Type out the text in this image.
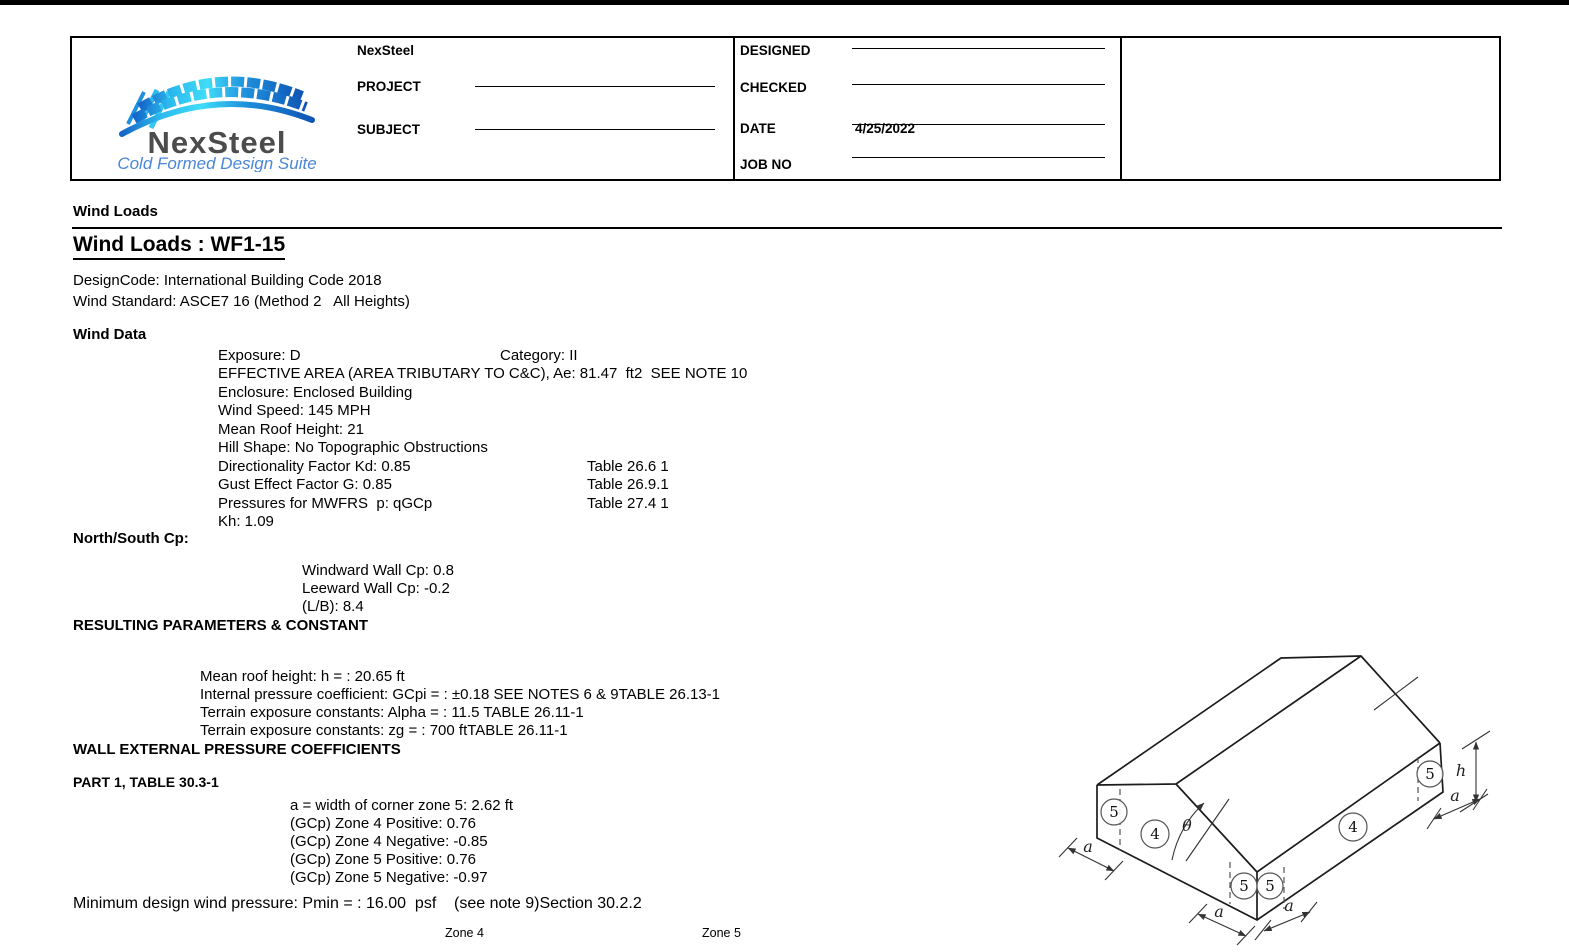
NexSteel
Cold Formed Design Suite
NexSteel
PROJECT
SUBJECT
DESIGNED
CHECKED
DATE	4/25/2022
JOB NO
Wind Loads
Wind Loads : WF1-15
DesignCode: International Building Code 2018
Wind Standard: ASCE7 16 (Method 2   All Heights)
Wind Data
Exposure: D	Category: II
EFFECTIVE AREA (AREA TRIBUTARY TO C&C), Ae: 81.47  ft2  SEE NOTE 10
Enclosure: Enclosed Building
Wind Speed: 145 MPH
Mean Roof Height: 21
Hill Shape: No Topographic Obstructions
Directionality Factor Kd: 0.85	Table 26.6 1
Gust Effect Factor G: 0.85	Table 26.9.1
Pressures for MWFRS  p: qGCp	Table 27.4 1
Kh: 1.09
North/South Cp:
Windward Wall Cp: 0.8
Leeward Wall Cp: -0.2
(L/B): 8.4
RESULTING PARAMETERS & CONSTANT
Mean roof height: h = : 20.65 ft
Internal pressure coefficient: GCpi = : ±0.18 SEE NOTES 6 & 9TABLE 26.13-1
Terrain exposure constants: Alpha = : 11.5 TABLE 26.11-1
Terrain exposure constants: zg = : 700 ftTABLE 26.11-1
WALL EXTERNAL PRESSURE COEFFICIENTS
PART 1, TABLE 30.3-1
a = width of corner zone 5: 2.62 ft
(GCp) Zone 4 Positive: 0.76
(GCp) Zone 4 Negative: -0.85
(GCp) Zone 5 Positive: 0.76
(GCp) Zone 5 Negative: -0.97
Minimum design wind pressure: Pmin = : 16.00  psf    (see note 9)Section 30.2.2
Zone 4	Zone 5
θ
h
a
a	a
a
5
4
5 5
4
5
